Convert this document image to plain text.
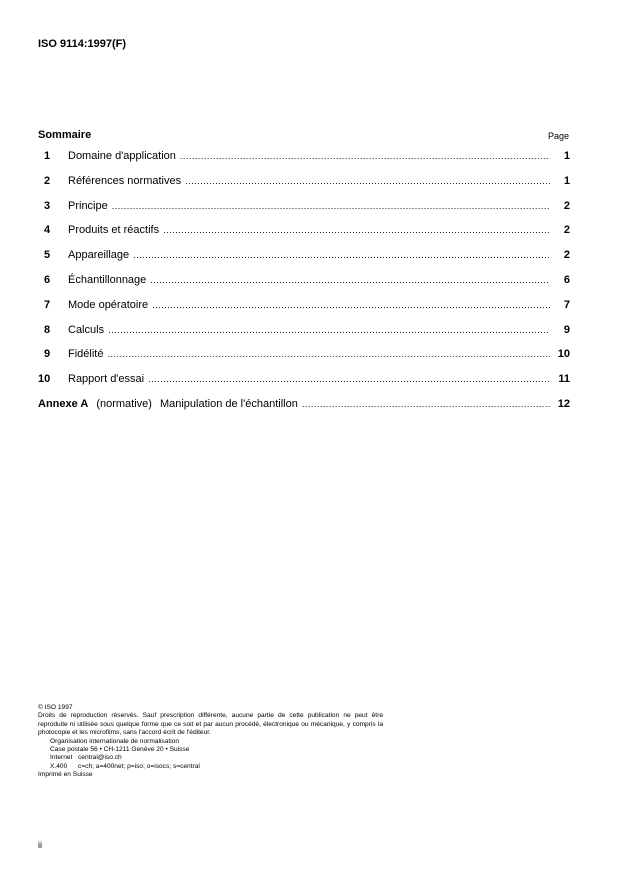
ISO 9114:1997(F)
Sommaire	Page
1	Domaine d'application .....	1
2	Références normatives .....	1
3	Principe .....	2
4	Produits et réactifs .....	2
5	Appareillage .....	2
6	Échantillonnage .....	6
7	Mode opératoire .....	7
8	Calculs .....	9
9	Fidélité .....	10
10	Rapport d'essai .....	11
Annexe A (normative) Manipulation de l'échantillon .....	12

© ISO 1997

Droits de reproduction réservés. Sauf prescription différente, aucune partie de cette publication ne peut être reproduite ni utilisée sous quelque forme que ce soit et par aucun procédé, électronique ou mécanique, y compris la photocopie et les microfilms, sans l'accord écrit de l'éditeur.

Organisation internationale de normalisation

Case postale 56 • CH-1211 Genève 20 • Suisse

Internet central@iso.ch
X.400	c=ch; a=400net; p=iso; o=isocs; s=central

Imprimé en Suisse

ii
